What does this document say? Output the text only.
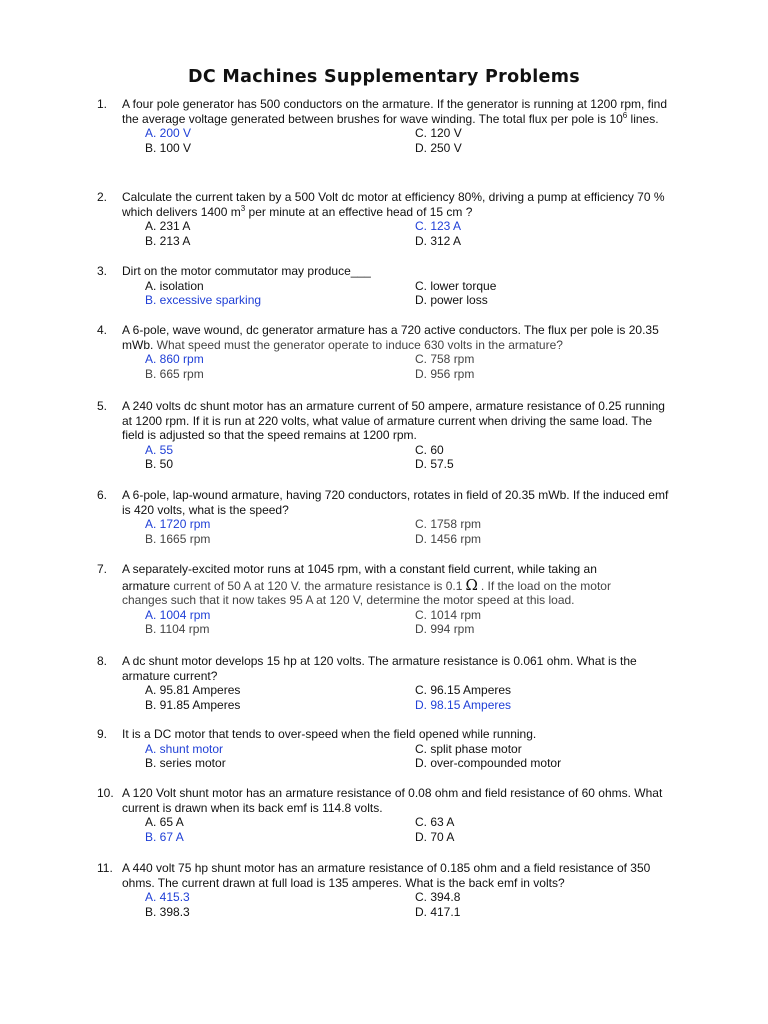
DC Machines Supplementary Problems
1. A four pole generator has 500 conductors on the armature. If the generator is running at 1200 rpm, find the average voltage generated between brushes for wave winding. The total flux per pole is $10^6$ lines.
A. 200 V	C. 120 V
B. 100 V	D. 250 V
2. Calculate the current taken by a 500 Volt dc motor at efficiency 80%, driving a pump at efficiency 70 % which delivers 1400 $m^3$ per minute at an effective head of 15 cm ?
A. 231 A	C. 123 A
B. 213 A	D. 312 A
3. Dirt on the motor commutator may produce___
A. isolation	C. lower torque
B. excessive sparking	D. power loss
4. A 6-pole, wave wound, dc generator armature has a 720 active conductors. The flux per pole is 20.35 mWb. What speed must the generator operate to induce 630 volts in the armature?
A. 860 rpm	C. 758 rpm
B. 665 rpm	D. 956 rpm
5. A 240 volts dc shunt motor has an armature current of 50 ampere, armature resistance of 0.25 running at 1200 rpm. If it is run at 220 volts, what value of armature current when driving the same load. The field is adjusted so that the speed remains at 1200 rpm.
A. 55	C. 60
B. 50	D. 57.5
6. A 6-pole, lap-wound armature, having 720 conductors, rotates in field of 20.35 mWb. If the induced emf is 420 volts, what is the speed?
A. 1720 rpm	C. 1758 rpm
B. 1665 rpm	D. 1456 rpm
7. A separately-excited motor runs at 1045 rpm, with a constant field current, while taking an
armature current of 50 A at 120 V. the armature resistance is 0.1 Ω . If the load on the motor
changes such that it now takes 95 A at 120 V, determine the motor speed at this load.
A. 1004 rpm	C. 1014 rpm
B. 1104 rpm	D. 994 rpm
8. A dc shunt motor develops 15 hp at 120 volts. The armature resistance is 0.061 ohm. What is the armature current?
A. 95.81 Amperes	C. 96.15 Amperes
B. 91.85 Amperes	D. 98.15 Amperes
9. It is a DC motor that tends to over-speed when the field opened while running.
A. shunt motor	C. split phase motor
B. series motor	D. over-compounded motor
10. A 120 Volt shunt motor has an armature resistance of 0.08 ohm and field resistance of 60 ohms. What current is drawn when its back emf is 114.8 volts.
A. 65 A	C. 63 A
B. 67 A	D. 70 A
11. A 440 volt 75 hp shunt motor has an armature resistance of 0.185 ohm and a field resistance of 350 ohms. The current drawn at full load is 135 amperes. What is the back emf in volts?
A. 415.3	C. 394.8
B. 398.3	D. 417.1
